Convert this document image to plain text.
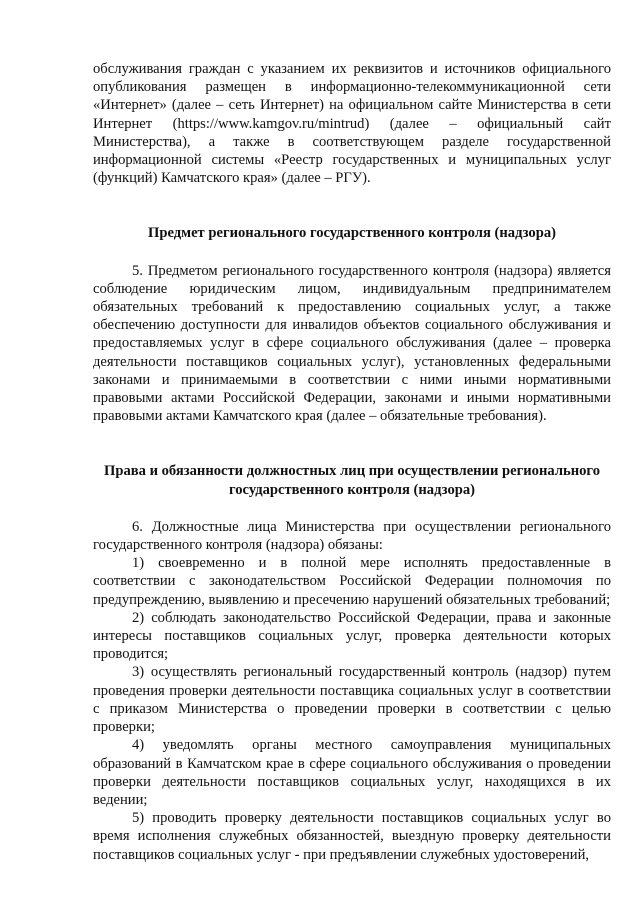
обслуживания граждан с указанием их реквизитов и источников официального опубликования размещен в информационно-телекоммуникационной сети «Интернет» (далее – сеть Интернет) на официальном сайте Министерства в сети Интернет (https://www.kamgov.ru/mintrud) (далее – официальный сайт Министерства), а также в соответствующем разделе государственной информационной системы «Реестр государственных и муниципальных услуг (функций) Камчатского края» (далее – РГУ).

Предмет регионального государственного контроля (надзора)

5. Предметом регионального государственного контроля (надзора) является соблюдение юридическим лицом, индивидуальным предпринимателем обязательных требований к предоставлению социальных услуг, а также обеспечению доступности для инвалидов объектов социального обслуживания и предоставляемых услуг в сфере социального обслуживания (далее – проверка деятельности поставщиков социальных услуг), установленных федеральными законами и принимаемыми в соответствии с ними иными нормативными правовыми актами Российской Федерации, законами и иными нормативными правовыми актами Камчатского края (далее – обязательные требования).

Права и обязанности должностных лиц при осуществлении регионального

государственного контроля (надзора)

6. Должностные лица Министерства при осуществлении регионального государственного контроля (надзора) обязаны:

1) своевременно и в полной мере исполнять предоставленные в соответствии с законодательством Российской Федерации полномочия по предупреждению, выявлению и пресечению нарушений обязательных требований;

2) соблюдать законодательство Российской Федерации, права и законные интересы поставщиков социальных услуг, проверка деятельности которых проводится;

3) осуществлять региональный государственный контроль (надзор) путем проведения проверки деятельности поставщика социальных услуг в соответствии с приказом Министерства о проведении проверки в соответствии с целью проверки;

4) уведомлять органы местного самоуправления муниципальных образований в Камчатском крае в сфере социального обслуживания о проведении проверки деятельности поставщиков социальных услуг, находящихся в их ведении;

5) проводить проверку деятельности поставщиков социальных услуг во время исполнения служебных обязанностей, выездную проверку деятельности поставщиков социальных услуг - при предъявлении служебных удостоверений,
